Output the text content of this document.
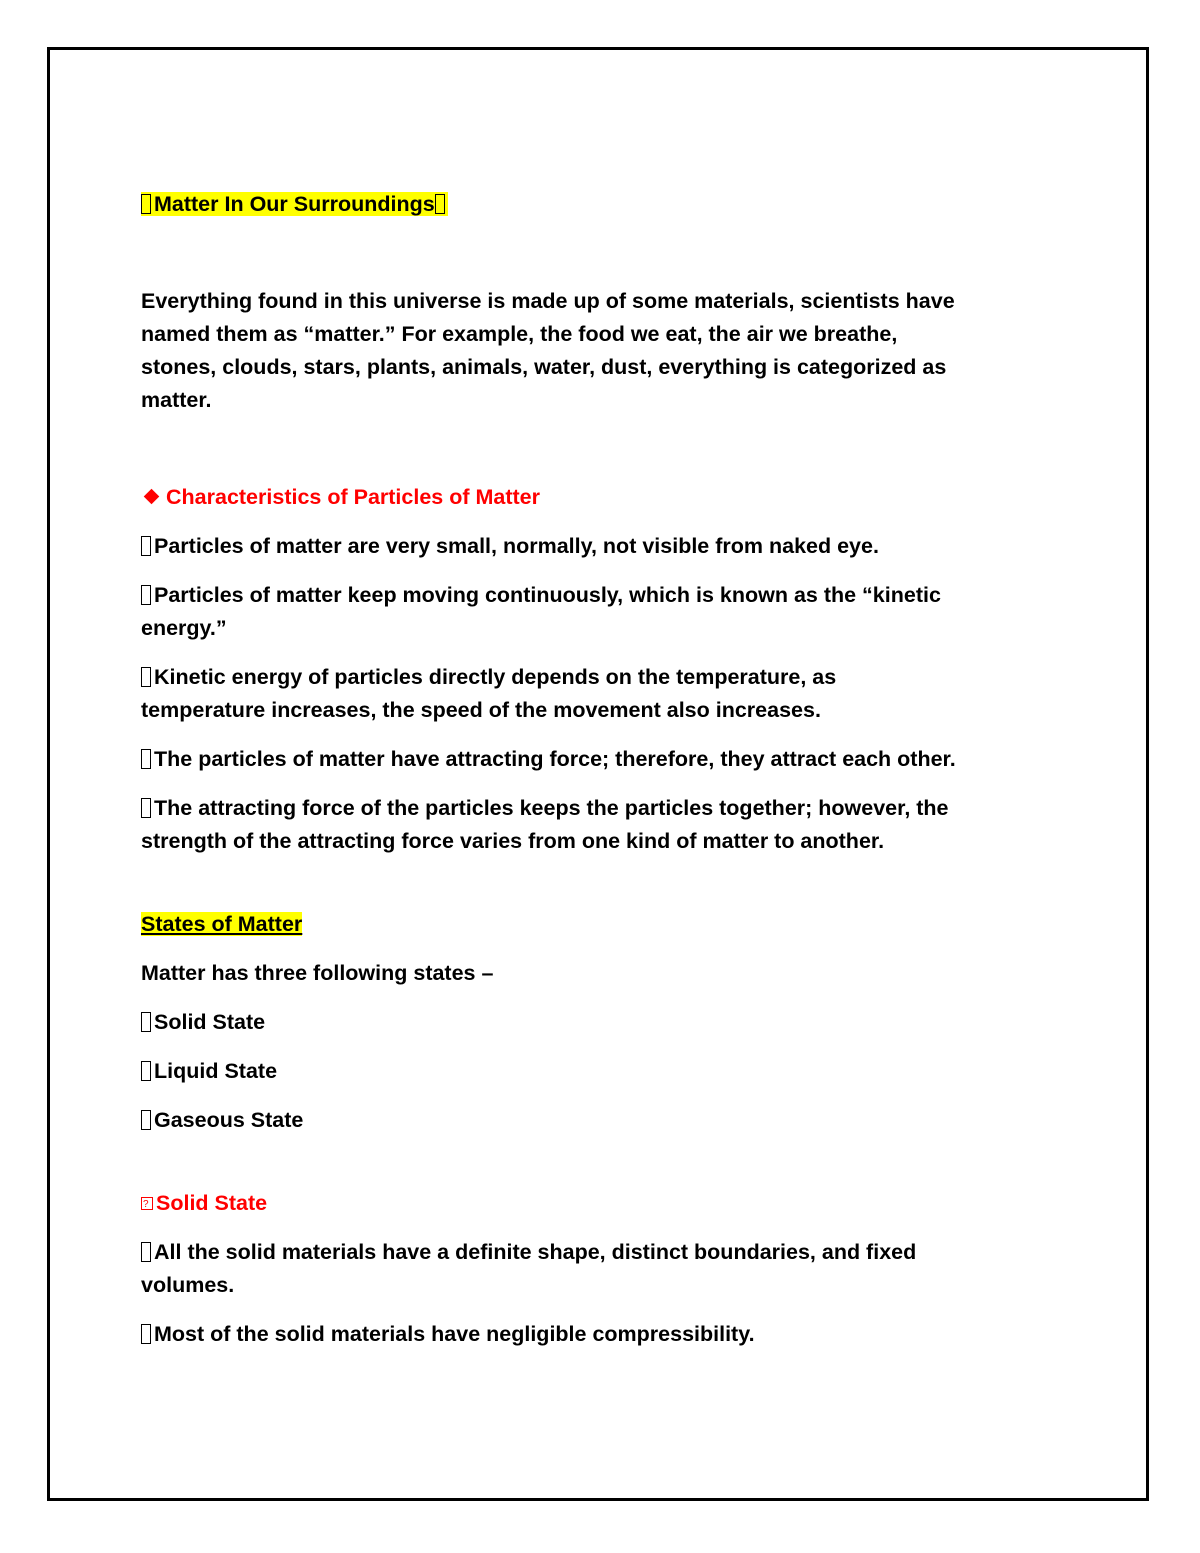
Matter In Our Surroundings

Everything found in this universe is made up of some materials, scientists have

named them as “matter.” For example, the food we eat, the air we breathe,

stones, clouds, stars, plants, animals, water, dust, everything is categorized as

matter.

Characteristics of Particles of Matter

Particles of matter are very small, normally, not visible from naked eye.

Particles of matter keep moving continuously, which is known as the “kinetic

energy.”

Kinetic energy of particles directly depends on the temperature, as

temperature increases, the speed of the movement also increases.

The particles of matter have attracting force; therefore, they attract each other.

The attracting force of the particles keeps the particles together; however, the

strength of the attracting force varies from one kind of matter to another.

States of Matter

Matter has three following states –

Solid State

Liquid State

Gaseous State

?Solid State

All the solid materials have a definite shape, distinct boundaries, and fixed

volumes.

Most of the solid materials have negligible compressibility.
